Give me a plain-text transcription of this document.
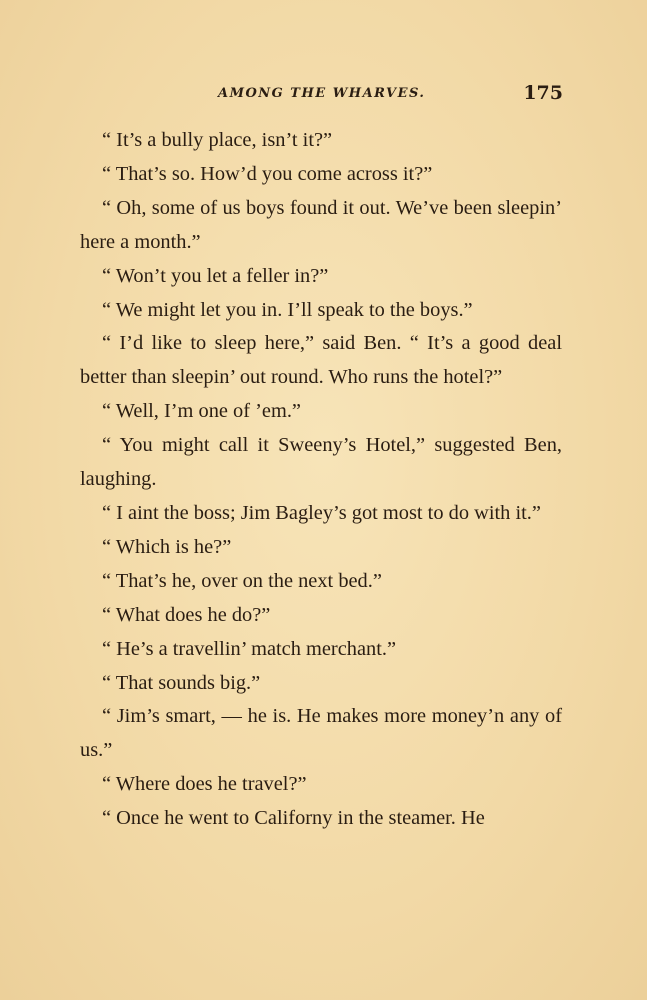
AMONG THE WHARVES.	175

“ It’s a bully place, isn’t it?”

“ That’s so. How’d you come across it?”

“ Oh, some of us boys found it out. We’ve been sleepin’ here a month.”

“ Won’t you let a feller in?”

“ We might let you in. I’ll speak to the boys.”

“ I’d like to sleep here,” said Ben. “ It’s a good deal better than sleepin’ out round. Who runs the hotel?”

“ Well, I’m one of ’em.”

“ You might call it Sweeny’s Hotel,” suggested Ben, laughing.

“ I aint the boss; Jim Bagley’s got most to do with it.”

“ Which is he?”

“ That’s he, over on the next bed.”

“ What does he do?”

“ He’s a travellin’ match merchant.”

“ That sounds big.”

“ Jim’s smart, — he is. He makes more money’n any of us.”

“ Where does he travel?”

“ Once he went to Californy in the steamer. He
